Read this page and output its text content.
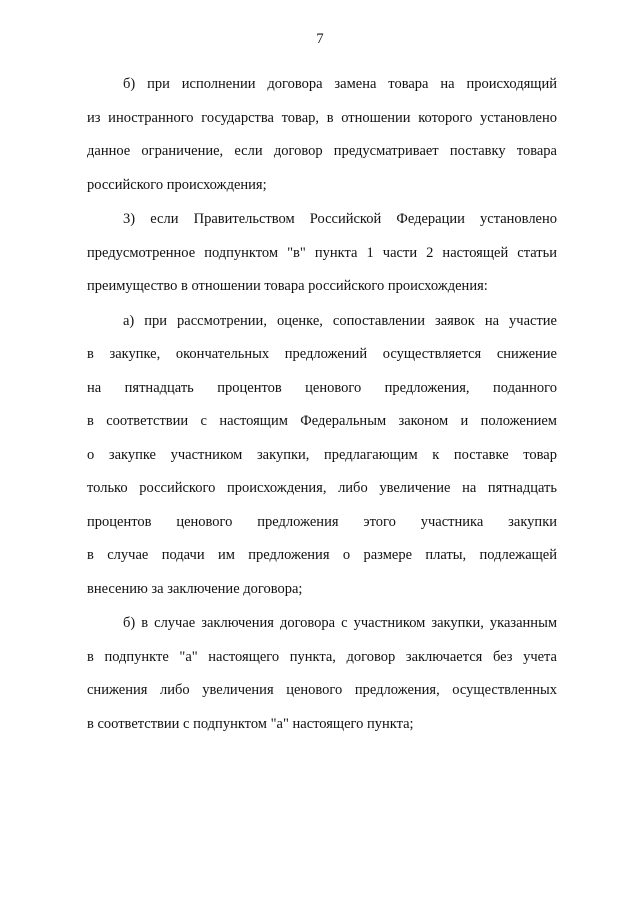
7
б) при исполнении договора замена товара на происходящий
из иностранного государства товар, в отношении которого установлено
данное ограничение, если договор предусматривает поставку товара
российского происхождения;
3) если Правительством Российской Федерации установлено
предусмотренное подпунктом "в" пункта 1 части 2 настоящей статьи
преимущество в отношении товара российского происхождения:
а) при рассмотрении, оценке, сопоставлении заявок на участие
в закупке, окончательных предложений осуществляется снижение
на пятнадцать процентов ценового предложения, поданного
в соответствии с настоящим Федеральным законом и положением
о закупке участником закупки, предлагающим к поставке товар
только российского происхождения, либо увеличение на пятнадцать
процентов ценового предложения этого участника закупки
в случае подачи им предложения о размере платы, подлежащей
внесению за заключение договора;
б) в случае заключения договора с участником закупки, указанным
в подпункте "а" настоящего пункта, договор заключается без учета
снижения либо увеличения ценового предложения, осуществленных
в соответствии с подпунктом "а" настоящего пункта;
